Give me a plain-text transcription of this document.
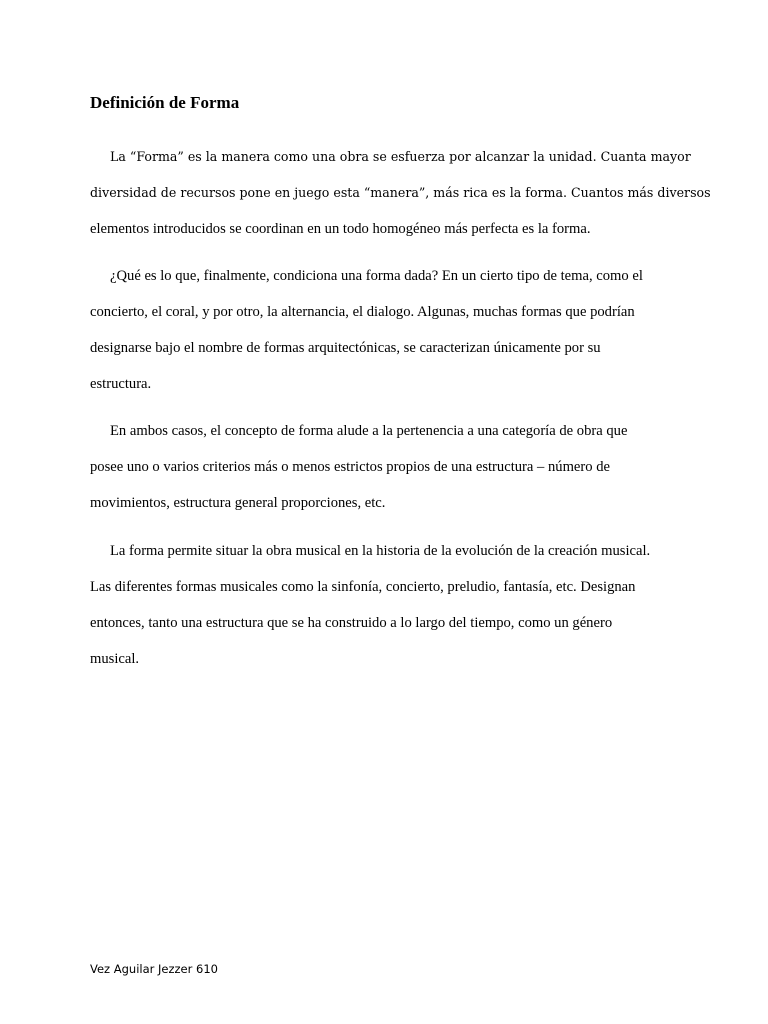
Definición de Forma

La “Forma” es la manera como una obra se esfuerza por alcanzar la unidad. Cuanta mayor
diversidad de recursos pone en juego esta “manera”, más rica es la forma. Cuantos más diversos
elementos introducidos se coordinan en un todo homogéneo más perfecta es la forma.

¿Qué es lo que, finalmente, condiciona una forma dada? En un cierto tipo de tema, como el
concierto, el coral, y por otro, la alternancia, el dialogo. Algunas, muchas formas que podrían
designarse bajo el nombre de formas arquitectónicas, se caracterizan únicamente por su
estructura.

En ambos casos, el concepto de forma alude a la pertenencia a una categoría de obra que
posee uno o varios criterios más o menos estrictos propios de una estructura – número de
movimientos, estructura general proporciones, etc.

La forma permite situar la obra musical en la historia de la evolución de la creación musical.
Las diferentes formas musicales como la sinfonía, concierto, preludio, fantasía, etc. Designan
entonces, tanto una estructura que se ha construido a lo largo del tiempo, como un género
musical.

Vez Aguilar Jezzer 610
